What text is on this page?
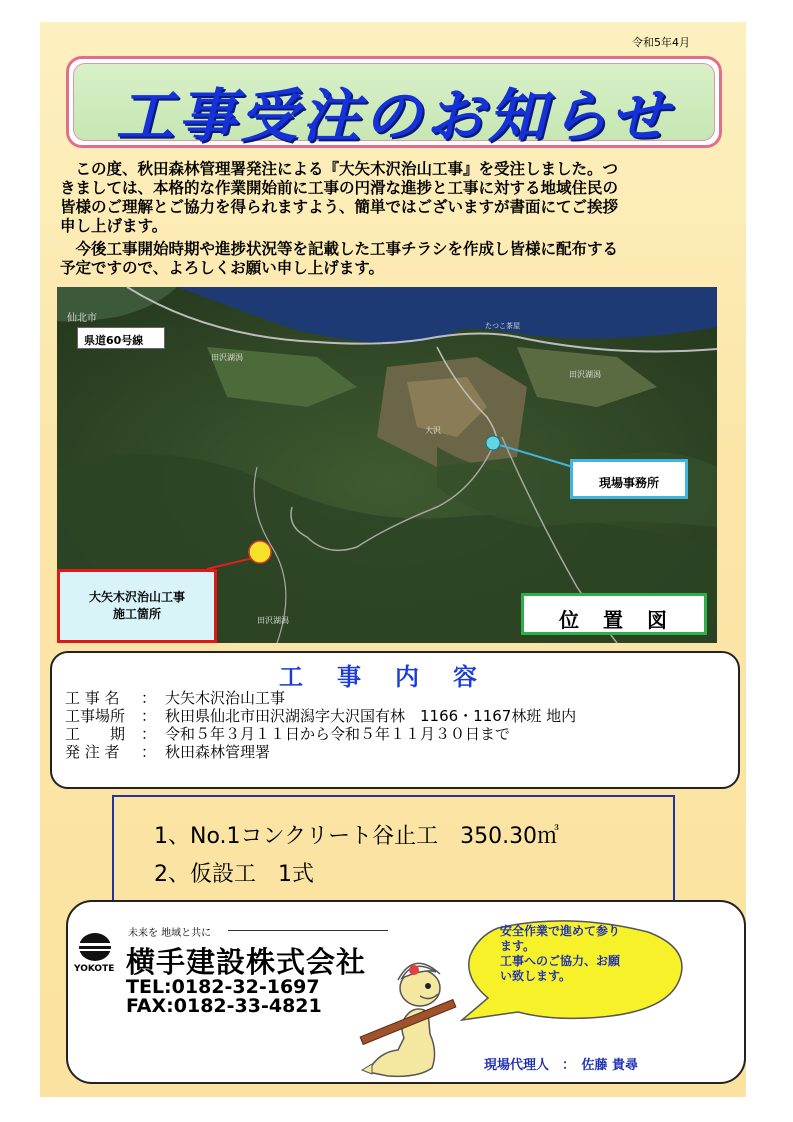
令和5年4月
工事受注のお知らせ
　この度、秋田森林管理署発注による『大矢木沢治山工事』を受注しました。つ
きましては、本格的な作業開始前に工事の円滑な進捗と工事に対する地域住民の
皆様のご理解とご協力を得られますよう、簡単ではございますが書面にてご挨拶
申し上げます。
　今後工事開始時期や進捗状況等を記載した工事チラシを作成し皆様に配布する
予定ですので、よろしくお願い申し上げます。
仙北市
田沢湖潟
田沢湖潟
田沢湖潟
たつこ茶屋
大沢
県道60号線
現場事務所
大矢木沢治山工事
施工箇所	位　置　図
工事内容
工 事 名 ： 大矢木沢治山工事
工事場所 ： 秋田県仙北市田沢湖潟字大沢国有林　1166・1167林班 地内
工　　期 ： 令和５年３月１１日から令和５年１１月３０日まで
発 注 者 ： 秋田森林管理署
1、No.1コンクリート谷止工　350.30㎥
2、仮設工　1式
YOKOTE
未来を 地域と共に
横手建設株式会社
TEL:0182-32-1697
FAX:0182-33-4821
安全作業で進めて参り
ます。
工事へのご協力、お願
い致します。
現場代理人　：　佐藤 貴尋
